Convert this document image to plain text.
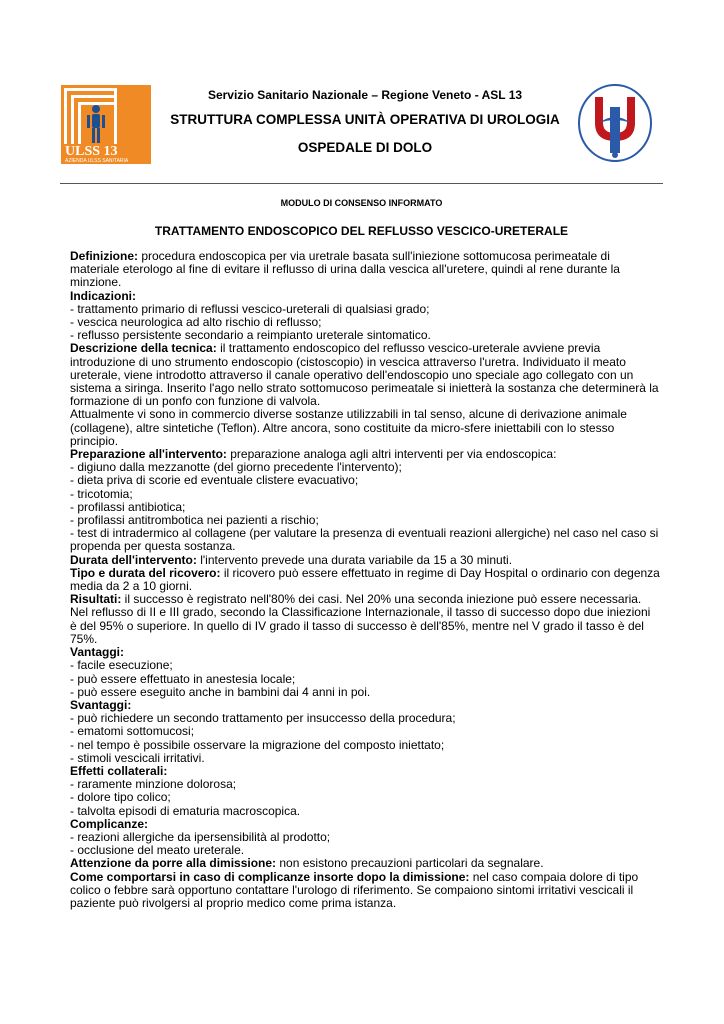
ULSS 13
AZIENDA ULSS SANITARIA
Servizio Sanitario Nazionale – Regione Veneto - ASL 13
STRUTTURA COMPLESSA UNITÀ OPERATIVA DI UROLOGIA
OSPEDALE DI DOLO
MODULO DI CONSENSO INFORMATO
TRATTAMENTO ENDOSCOPICO DEL REFLUSSO VESCICO-URETERALE

Definizione: procedura endoscopica per via uretrale basata sull'iniezione sottomucosa perimeatale di materiale eterologo al fine di evitare il reflusso di urina dalla vescica all'uretere, quindi al rene durante la minzione.

Indicazioni:

- trattamento primario di reflussi vescico-ureterali di qualsiasi grado;

- vescica neurologica ad alto rischio di reflusso;

- reflusso persistente secondario a reimpianto ureterale sintomatico.

Descrizione della tecnica: il trattamento endoscopico del reflusso vescico-ureterale avviene previa introduzione di uno strumento endoscopio (cistoscopio) in vescica attraverso l'uretra. Individuato il meato ureterale, viene introdotto attraverso il canale operativo dell'endoscopio uno speciale ago collegato con un sistema a siringa. Inserito l'ago nello strato sottomucoso perimeatale si inietterà la sostanza che determinerà la formazione di un ponfo con funzione di valvola.

Attualmente vi sono in commercio diverse sostanze utilizzabili in tal senso, alcune di derivazione animale (collagene), altre sintetiche (Teflon). Altre ancora, sono costituite da micro-sfere iniettabili con lo stesso principio.

Preparazione all'intervento: preparazione analoga agli altri interventi per via endoscopica:

- digiuno dalla mezzanotte (del giorno precedente l'intervento);

- dieta priva di scorie ed eventuale clistere evacuativo;

- tricotomia;

- profilassi antibiotica;

- profilassi antitrombotica nei pazienti a rischio;

- test di intradermico al collagene (per valutare la presenza di eventuali reazioni allergiche) nel caso nel caso si propenda per questa sostanza.

Durata dell'intervento: l'intervento prevede una durata variabile da 15 a 30 minuti.

Tipo e durata del ricovero: il ricovero può essere effettuato in regime di Day Hospital o ordinario con degenza media da 2 a 10 giorni.

Risultati: il successo è registrato nell'80% dei casi. Nel 20% una seconda iniezione può essere necessaria. Nel reflusso di II e III grado, secondo la Classificazione Internazionale, il tasso di successo dopo due iniezioni è del 95% o superiore. In quello di IV grado il tasso di successo è dell'85%, mentre nel V grado il tasso è del 75%.

Vantaggi:

- facile esecuzione;

- può essere effettuato in anestesia locale;

- può essere eseguito anche in bambini dai 4 anni in poi.

Svantaggi:

- può richiedere un secondo trattamento per insuccesso della procedura;

- ematomi sottomucosi;

- nel tempo è possibile osservare la migrazione del composto iniettato;

- stimoli vescicali irritativi.

Effetti collaterali:

- raramente minzione dolorosa;

- dolore tipo colico;

- talvolta episodi di ematuria macroscopica.

Complicanze:

- reazioni allergiche da ipersensibilità al prodotto;

- occlusione del meato ureterale.

Attenzione da porre alla dimissione: non esistono precauzioni particolari da segnalare.

Come comportarsi in caso di complicanze insorte dopo la dimissione: nel caso compaia dolore di tipo colico o febbre sarà opportuno contattare l'urologo di riferimento. Se compaiono sintomi irritativi vescicali il paziente può rivolgersi al proprio medico come prima istanza.
